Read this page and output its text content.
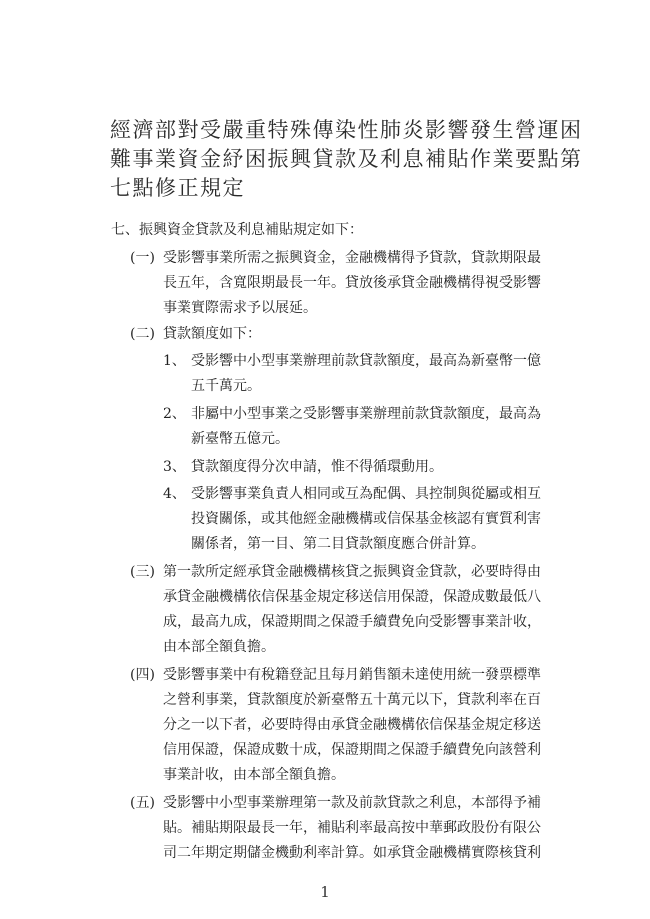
經濟部對受嚴重特殊傳染性肺炎影響發生營運困
難事業資金紓困振興貸款及利息補貼作業要點第
七點修正規定
七、振興資金貸款及利息補貼規定如下：
(一) 受影響事業所需之振興資金，金融機構得予貸款，貸款期限最
長五年，含寬限期最長一年。貸放後承貸金融機構得視受影響
事業實際需求予以展延。
(二) 貸款額度如下：
1、 受影響中小型事業辦理前款貸款額度，最高為新臺幣一億
五千萬元。
2、 非屬中小型事業之受影響事業辦理前款貸款額度，最高為
新臺幣五億元。
3、 貸款額度得分次申請，惟不得循環動用。
4、 受影響事業負責人相同或互為配偶、具控制與從屬或相互
投資關係，或其他經金融機構或信保基金核認有實質利害
關係者，第一目、第二目貸款額度應合併計算。
(三) 第一款所定經承貸金融機構核貸之振興資金貸款，必要時得由
承貸金融機構依信保基金規定移送信用保證，保證成數最低八
成，最高九成，保證期間之保證手續費免向受影響事業計收，
由本部全額負擔。
(四) 受影響事業中有稅籍登記且每月銷售額未達使用統一發票標準
之營利事業，貸款額度於新臺幣五十萬元以下，貸款利率在百
分之一以下者，必要時得由承貸金融機構依信保基金規定移送
信用保證，保證成數十成，保證期間之保證手續費免向該營利
事業計收，由本部全額負擔。
(五) 受影響中小型事業辦理第一款及前款貸款之利息，本部得予補
貼。補貼期限最長一年，補貼利率最高按中華郵政股份有限公
司二年期定期儲金機動利率計算。如承貸金融機構實際核貸利
1
